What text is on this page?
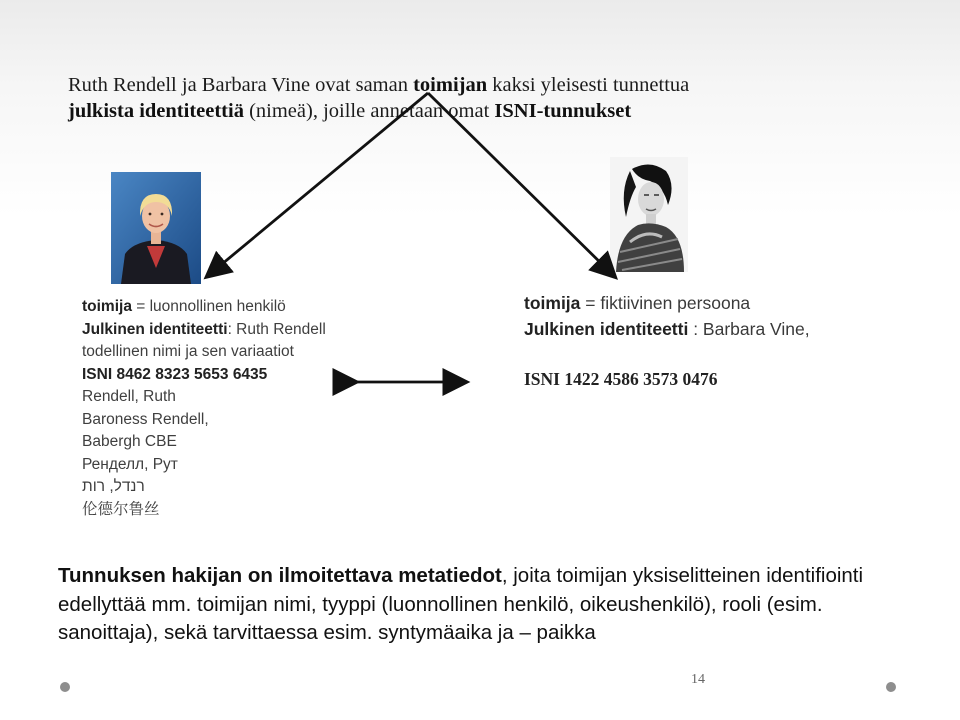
Ruth Rendell ja Barbara Vine ovat saman toimijan kaksi yleisesti tunnettua
julkista identiteettiä (nimeä), joille annetaan omat ISNI-tunnukset
toimija = luonnollinen henkilö
Julkinen identiteetti: Ruth Rendell
todellinen nimi ja sen variaatiot
ISNI 8462 8323 5653 6435
Rendell, Ruth
Baroness Rendell,
Babergh CBE
Ренделл, Рут
רנדל, רות
伦德尔鲁丝
toimija = fiktiivinen persoona
Julkinen identiteetti : Barbara Vine,
ISNI 1422 4586 3573 0476
Tunnuksen hakijan on ilmoitettava metatiedot, joita toimijan yksiselitteinen identifiointi edellyttää mm. toimijan nimi, tyyppi (luonnollinen henkilö, oikeushenkilö), rooli (esim. sanoittaja), sekä tarvittaessa esim. syntymäaika ja – paikka
14
